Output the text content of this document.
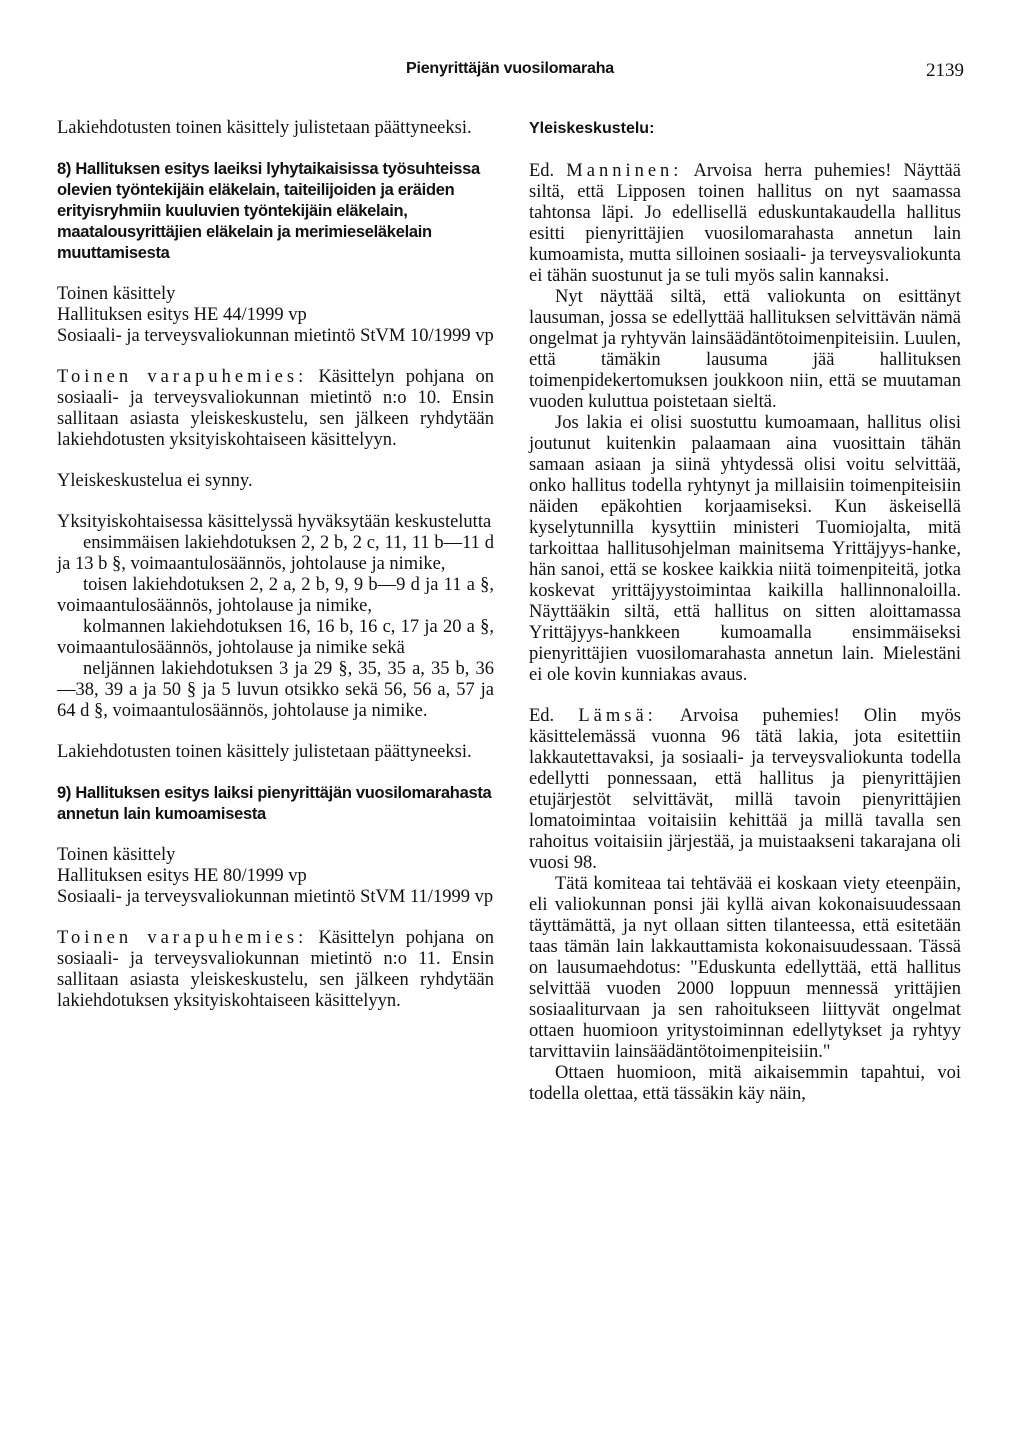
Pienyrittäjän vuosilomaraha	2139

Lakiehdotusten toinen käsittely julistetaan päättyneeksi.

8) Hallituksen esitys laeiksi lyhytaikaisissa työsuhteissa olevien työntekijäin eläkelain, taiteilijoiden ja eräiden erityisryhmiin kuuluvien työntekijäin eläkelain, maatalousyrittäjien eläkelain ja merimieseläkelain muuttamisesta

Toinen käsittely

Hallituksen esitys HE 44/1999 vp

Sosiaali- ja terveysvaliokunnan mietintö StVM 10/1999 vp

Toinen varapuhemies: Käsittelyn pohjana on sosiaali- ja terveysvaliokunnan mietintö n:o 10. Ensin sallitaan asiasta yleiskeskustelu, sen jälkeen ryhdytään lakiehdotusten yksityiskohtaiseen käsittelyyn.

Yleiskeskustelua ei synny.

Yksityiskohtaisessa käsittelyssä hyväksytään keskustelutta

ensimmäisen lakiehdotuksen 2, 2 b, 2 c, 11, 11 b—11 d ja 13 b §, voimaantulosäännös, johtolause ja nimike,

toisen lakiehdotuksen 2, 2 a, 2 b, 9, 9 b—9 d ja 11 a §, voimaantulosäännös, johtolause ja nimike,

kolmannen lakiehdotuksen 16, 16 b, 16 c, 17 ja 20 a §, voimaantulosäännös, johtolause ja nimike sekä

neljännen lakiehdotuksen 3 ja 29 §, 35, 35 a, 35 b, 36—38, 39 a ja 50 § ja 5 luvun otsikko sekä 56, 56 a, 57 ja 64 d §, voimaantulosäännös, johtolause ja nimike.

Lakiehdotusten toinen käsittely julistetaan päättyneeksi.

9) Hallituksen esitys laiksi pienyrittäjän vuosilomarahasta annetun lain kumoamisesta

Toinen käsittely

Hallituksen esitys HE 80/1999 vp

Sosiaali- ja terveysvaliokunnan mietintö StVM 11/1999 vp

Toinen varapuhemies: Käsittelyn pohjana on sosiaali- ja terveysvaliokunnan mietintö n:o 11. Ensin sallitaan asiasta yleiskeskustelu, sen jälkeen ryhdytään lakiehdotuksen yksityiskohtaiseen käsittelyyn.

Yleiskeskustelu:

Ed. Manninen: Arvoisa herra puhemies! Näyttää siltä, että Lipposen toinen hallitus on nyt saamassa tahtonsa läpi. Jo edellisellä eduskuntakaudella hallitus esitti pienyrittäjien vuosilomarahasta annetun lain kumoamista, mutta silloinen sosiaali- ja terveysvaliokunta ei tähän suostunut ja se tuli myös salin kannaksi.

Nyt näyttää siltä, että valiokunta on esittänyt lausuman, jossa se edellyttää hallituksen selvittävän nämä ongelmat ja ryhtyvän lainsäädäntötoimenpiteisiin. Luulen, että tämäkin lausuma jää hallituksen toimenpidekertomuksen joukkoon niin, että se muutaman vuoden kuluttua poistetaan sieltä.

Jos lakia ei olisi suostuttu kumoamaan, hallitus olisi joutunut kuitenkin palaamaan aina vuosittain tähän samaan asiaan ja siinä yhtydessä olisi voitu selvittää, onko hallitus todella ryhtynyt ja millaisiin toimenpiteisiin näiden epäkohtien korjaamiseksi. Kun äskeisellä kyselytunnilla kysyttiin ministeri Tuomiojalta, mitä tarkoittaa hallitusohjelman mainitsema Yrittäjyys-hanke, hän sanoi, että se koskee kaikkia niitä toimenpiteitä, jotka koskevat yrittäjyystoimintaa kaikilla hallinnonaloilla. Näyttääkin siltä, että hallitus on sitten aloittamassa Yrittäjyys-hankkeen kumoamalla ensimmäiseksi pienyrittäjien vuosilomarahasta annetun lain. Mielestäni ei ole kovin kunniakas avaus.

Ed. Lämsä: Arvoisa puhemies! Olin myös käsittelemässä vuonna 96 tätä lakia, jota esitettiin lakkautettavaksi, ja sosiaali- ja terveysvaliokunta todella edellytti ponnessaan, että hallitus ja pienyrittäjien etujärjestöt selvittävät, millä tavoin pienyrittäjien lomatoimintaa voitaisiin kehittää ja millä tavalla sen rahoitus voitaisiin järjestää, ja muistaakseni takarajana oli vuosi 98.

Tätä komiteaa tai tehtävää ei koskaan viety eteenpäin, eli valiokunnan ponsi jäi kyllä aivan kokonaisuudessaan täyttämättä, ja nyt ollaan sitten tilanteessa, että esitetään taas tämän lain lakkauttamista kokonaisuudessaan. Tässä on lausumaehdotus: "Eduskunta edellyttää, että hallitus selvittää vuoden 2000 loppuun mennessä yrittäjien sosiaaliturvaan ja sen rahoitukseen liittyvät ongelmat ottaen huomioon yritystoiminnan edellytykset ja ryhtyy tarvittaviin lainsäädäntötoimenpiteisiin."

Ottaen huomioon, mitä aikaisemmin tapahtui, voi todella olettaa, että tässäkin käy näin,
